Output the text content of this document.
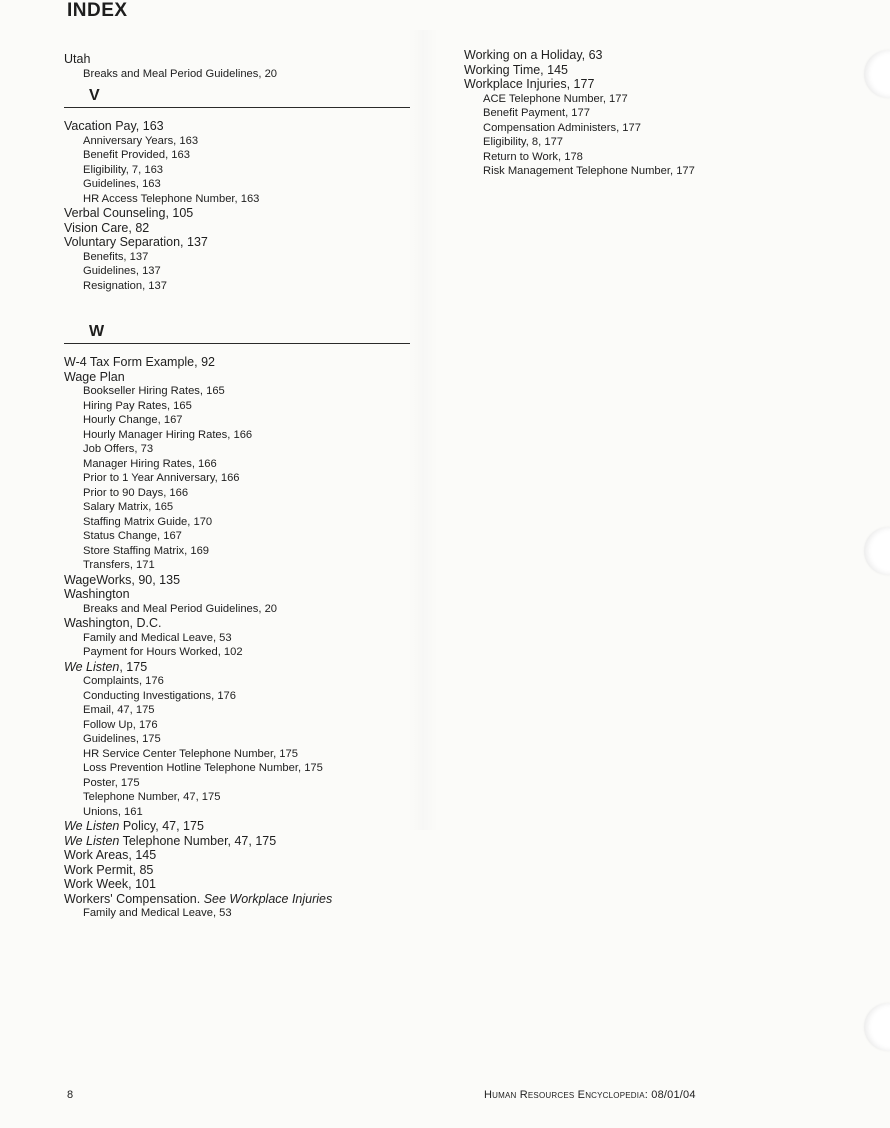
INDEX
Utah
Breaks and Meal Period Guidelines, 20
V
Vacation Pay, 163
Anniversary Years, 163
Benefit Provided, 163
Eligibility, 7, 163
Guidelines, 163
HR Access Telephone Number, 163
Verbal Counseling, 105
Vision Care, 82
Voluntary Separation, 137
Benefits, 137
Guidelines, 137
Resignation, 137
W
W-4 Tax Form Example, 92
Wage Plan
Bookseller Hiring Rates, 165
Hiring Pay Rates, 165
Hourly Change, 167
Hourly Manager Hiring Rates, 166
Job Offers, 73
Manager Hiring Rates, 166
Prior to 1 Year Anniversary, 166
Prior to 90 Days, 166
Salary Matrix, 165
Staffing Matrix Guide, 170
Status Change, 167
Store Staffing Matrix, 169
Transfers, 171
WageWorks, 90, 135
Washington
Breaks and Meal Period Guidelines, 20
Washington, D.C.
Family and Medical Leave, 53
Payment for Hours Worked, 102
We Listen, 175
Complaints, 176
Conducting Investigations, 176
Email, 47, 175
Follow Up, 176
Guidelines, 175
HR Service Center Telephone Number, 175
Loss Prevention Hotline Telephone Number, 175
Poster, 175
Telephone Number, 47, 175
Unions, 161
We Listen Policy, 47, 175
We Listen Telephone Number, 47, 175
Work Areas, 145
Work Permit, 85
Work Week, 101
Workers' Compensation. See Workplace Injuries
Family and Medical Leave, 53
Working on a Holiday, 63
Working Time, 145
Workplace Injuries, 177
ACE Telephone Number, 177
Benefit Payment, 177
Compensation Administers, 177
Eligibility, 8, 177
Return to Work, 178
Risk Management Telephone Number, 177
8	Human Resources Encyclopedia: 08/01/04
